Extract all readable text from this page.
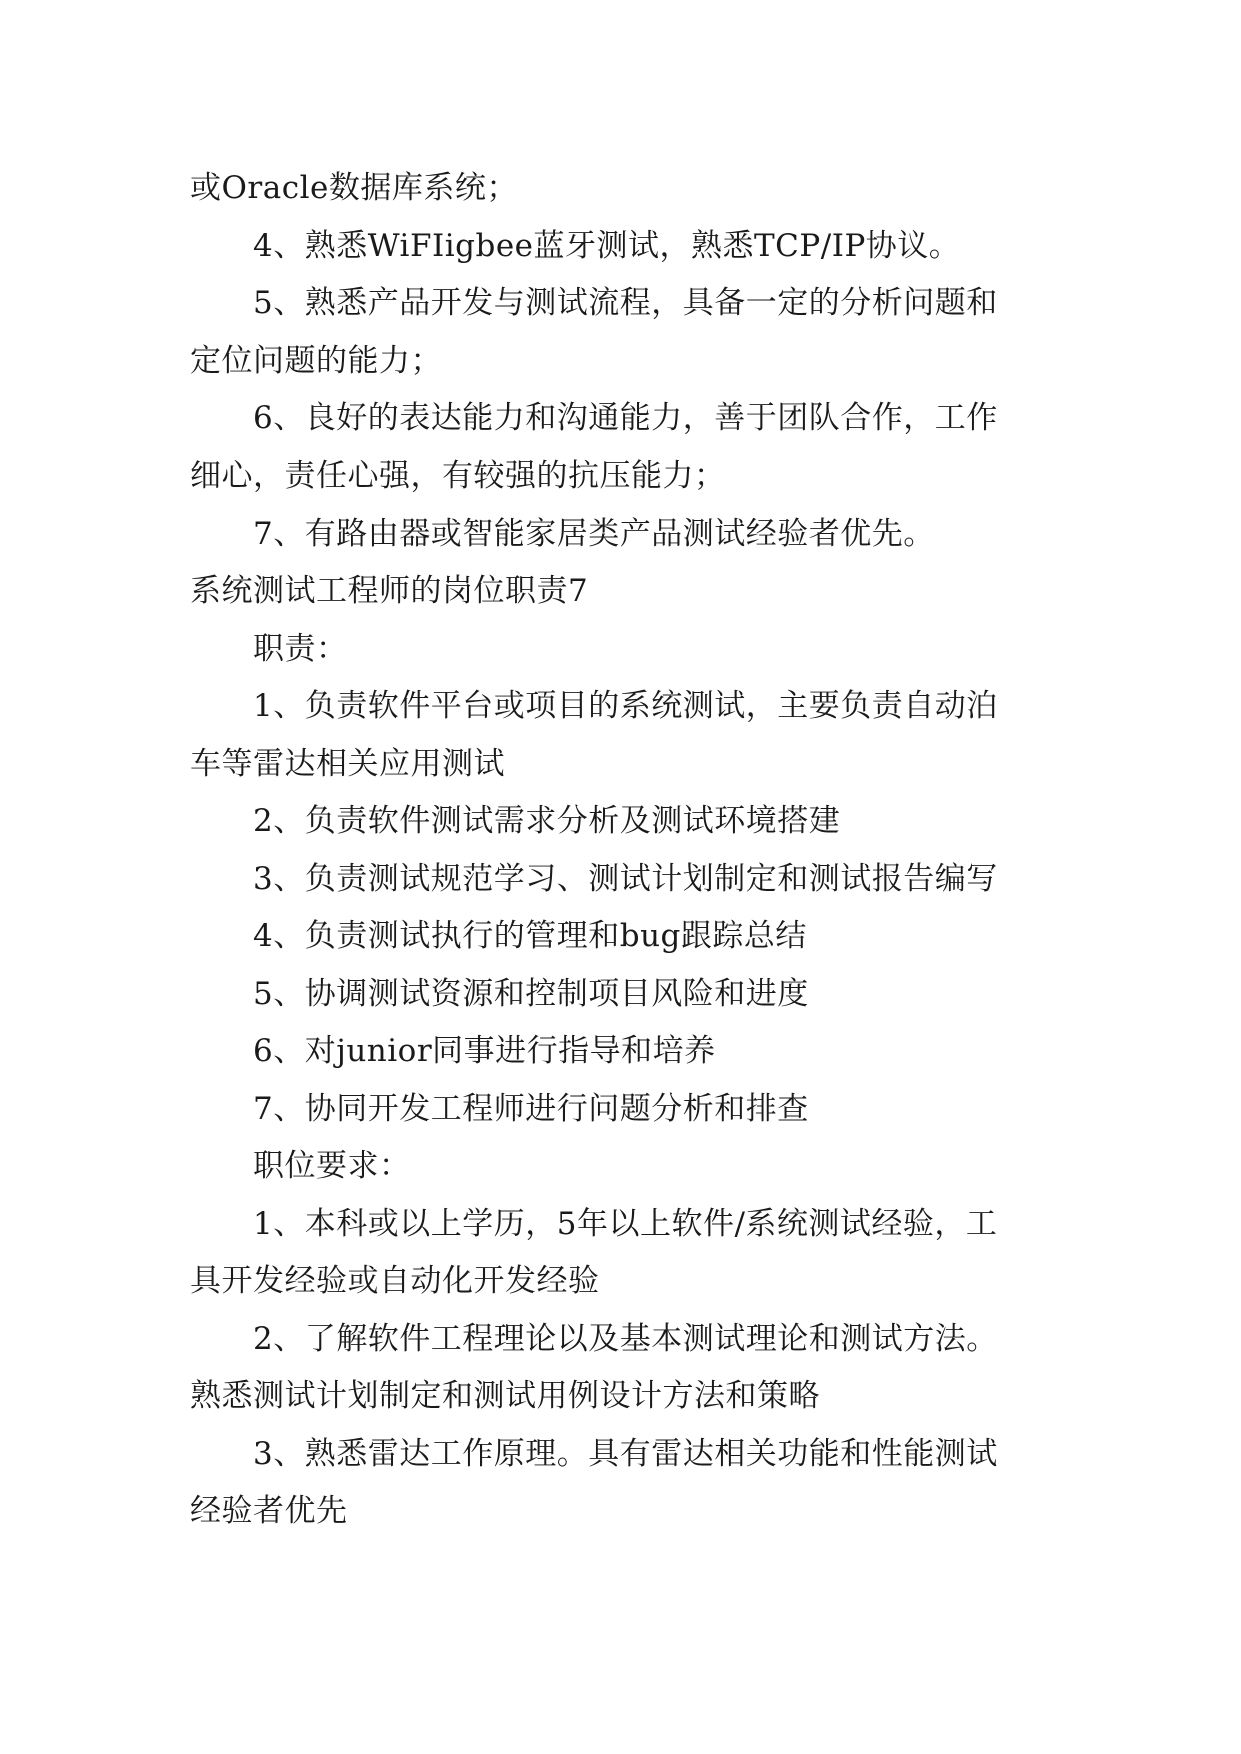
或Oracle数据库系统；
4、熟悉WiFIigbee蓝牙测试，熟悉TCP/IP协议。
5、熟悉产品开发与测试流程，具备一定的分析问题和
定位问题的能力；
6、良好的表达能力和沟通能力，善于团队合作，工作
细心，责任心强，有较强的抗压能力；
7、有路由器或智能家居类产品测试经验者优先。
系统测试工程师的岗位职责7
职责：
1、负责软件平台或项目的系统测试，主要负责自动泊
车等雷达相关应用测试
2、负责软件测试需求分析及测试环境搭建
3、负责测试规范学习、测试计划制定和测试报告编写
4、负责测试执行的管理和bug跟踪总结
5、协调测试资源和控制项目风险和进度
6、对junior同事进行指导和培养
7、协同开发工程师进行问题分析和排查
职位要求：
1、本科或以上学历，5年以上软件/系统测试经验，工
具开发经验或自动化开发经验
2、了解软件工程理论以及基本测试理论和测试方法。
熟悉测试计划制定和测试用例设计方法和策略
3、熟悉雷达工作原理。具有雷达相关功能和性能测试
经验者优先
